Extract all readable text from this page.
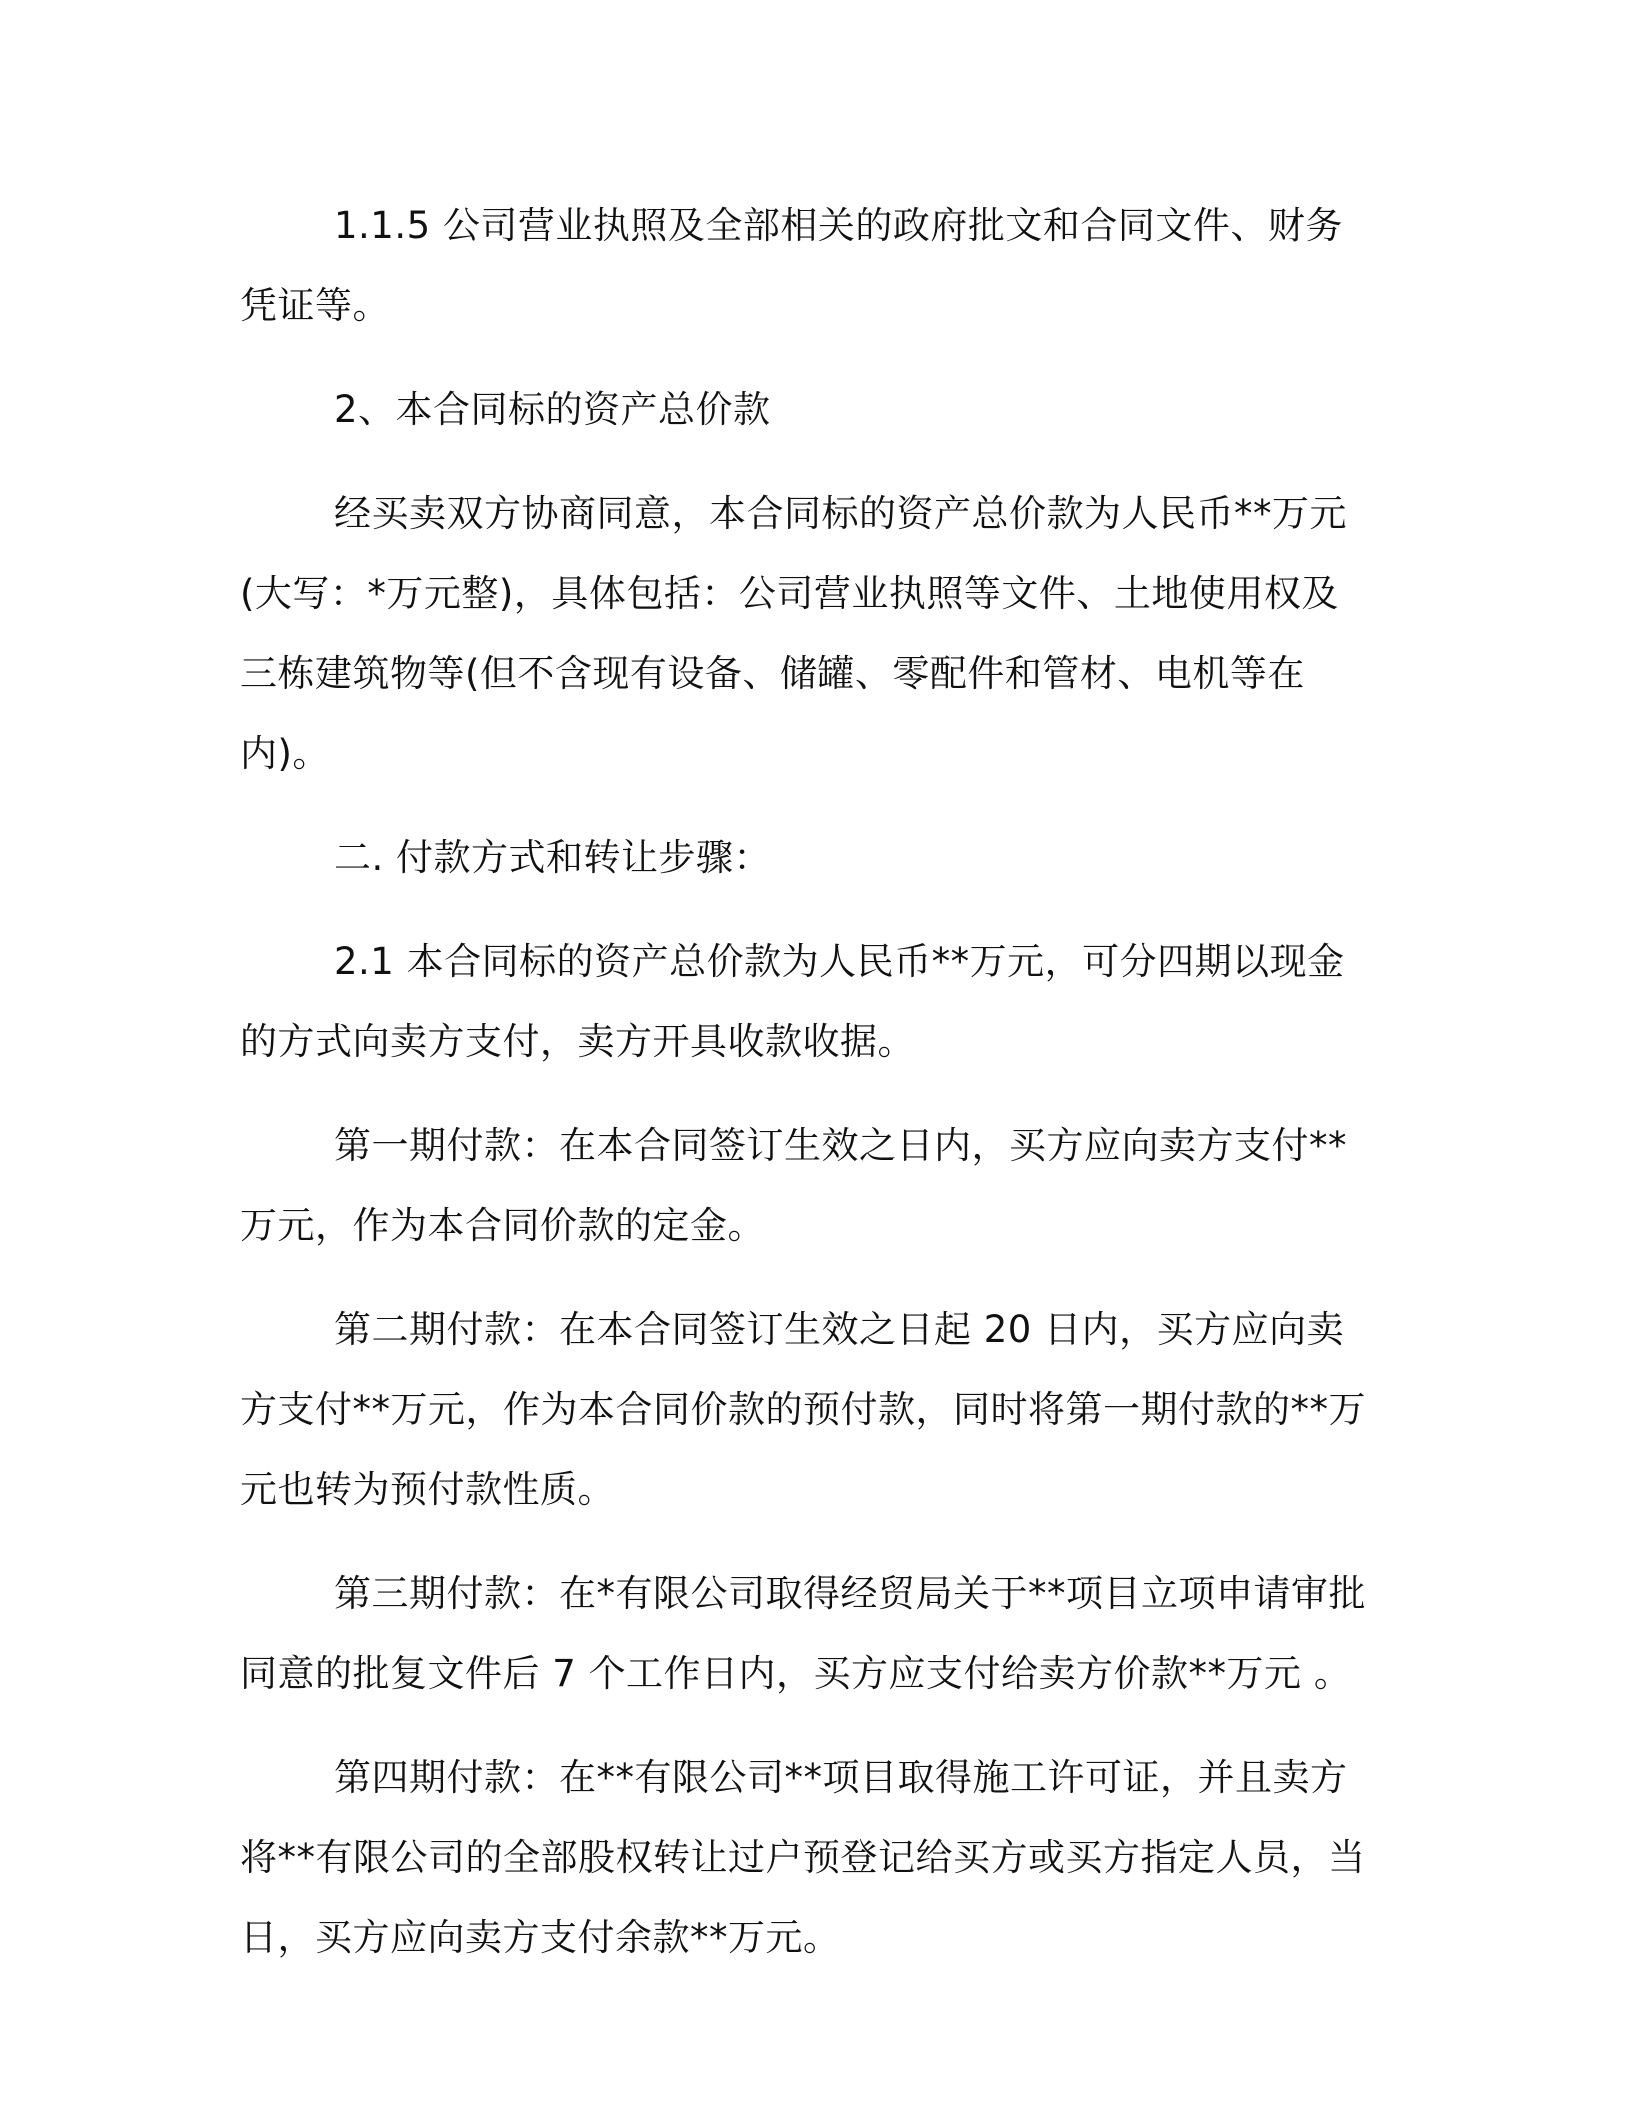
1.1.5 公司营业执照及全部相关的政府批文和合同文件、财务凭证等。

2、本合同标的资产总价款

经买卖双方协商同意，本合同标的资产总价款为人民币**万元(大写：*万元整)，具体包括：公司营业执照等文件、土地使用权及三栋建筑物等(但不含现有设备、储罐、零配件和管材、电机等在内)。

二. 付款方式和转让步骤：

2.1 本合同标的资产总价款为人民币**万元，可分四期以现金的方式向卖方支付，卖方开具收款收据。

第一期付款：在本合同签订生效之日内，买方应向卖方支付**万元，作为本合同价款的定金。

第二期付款：在本合同签订生效之日起 20 日内，买方应向卖方支付**万元，作为本合同价款的预付款，同时将第一期付款的**万元也转为预付款性质。

第三期付款：在*有限公司取得经贸局关于**项目立项申请审批同意的批复文件后 7 个工作日内，买方应支付给卖方价款**万元 。

第四期付款：在**有限公司**项目取得施工许可证，并且卖方将**有限公司的全部股权转让过户预登记给买方或买方指定人员，当日，买方应向卖方支付余款**万元。
